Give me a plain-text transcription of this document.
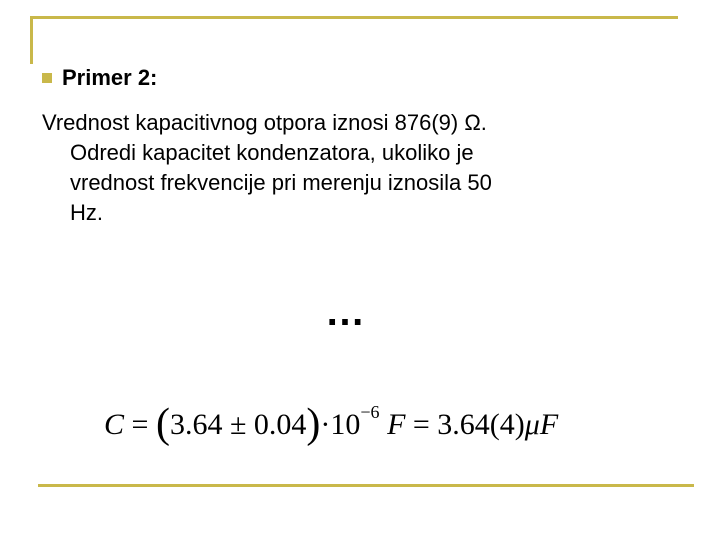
Primer 2:
Vrednost kapacitivnog otpora iznosi 876(9) Ω.
Odredi kapacitet kondenzatora, ukoliko je
vrednost frekvencije pri merenju iznosila 50
Hz.
…
$C = (3.64 \pm 0.04)\cdot 10^{-6}$ F = 3.64(4)μF
